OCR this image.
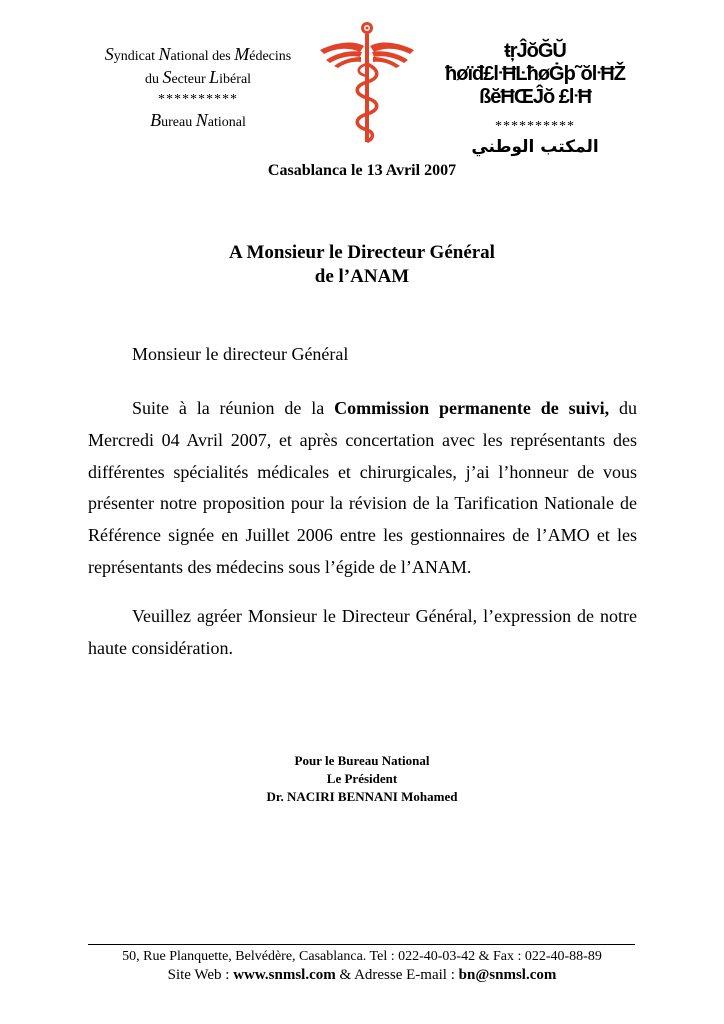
Syndicat National des Médecins
du Secteur Libéral
**********
Bureau National
ŧŗĴŏĞŬ ħøïđ£ŀĦĿħøĠþ˜ŏŀĦŽ
ßĕĦŒĴŏ £ŀĦ
**********
المكتب الوطني
Casablanca le 13 Avril 2007
A Monsieur le Directeur Général
de l’ANAM
Monsieur le directeur Général

Suite à la réunion de la Commission permanente de suivi, du Mercredi 04 Avril 2007, et après concertation avec les représentants des différentes spécialités médicales et chirurgicales, j’ai l’honneur de vous présenter notre proposition pour la révision de la Tarification Nationale de Référence signée en Juillet 2006 entre les gestionnaires de l’AMO et les représentants des médecins sous l’égide de l’ANAM.

Veuillez agréer Monsieur le Directeur Général, l’expression de notre haute considération.

Pour le Bureau National
Le Président
Dr. NACIRI BENNANI Mohamed
50, Rue Planquette, Belvédère, Casablanca. Tel : 022-40-03-42 & Fax : 022-40-88-89
Site Web : www.snmsl.com & Adresse E-mail : bn@snmsl.com
